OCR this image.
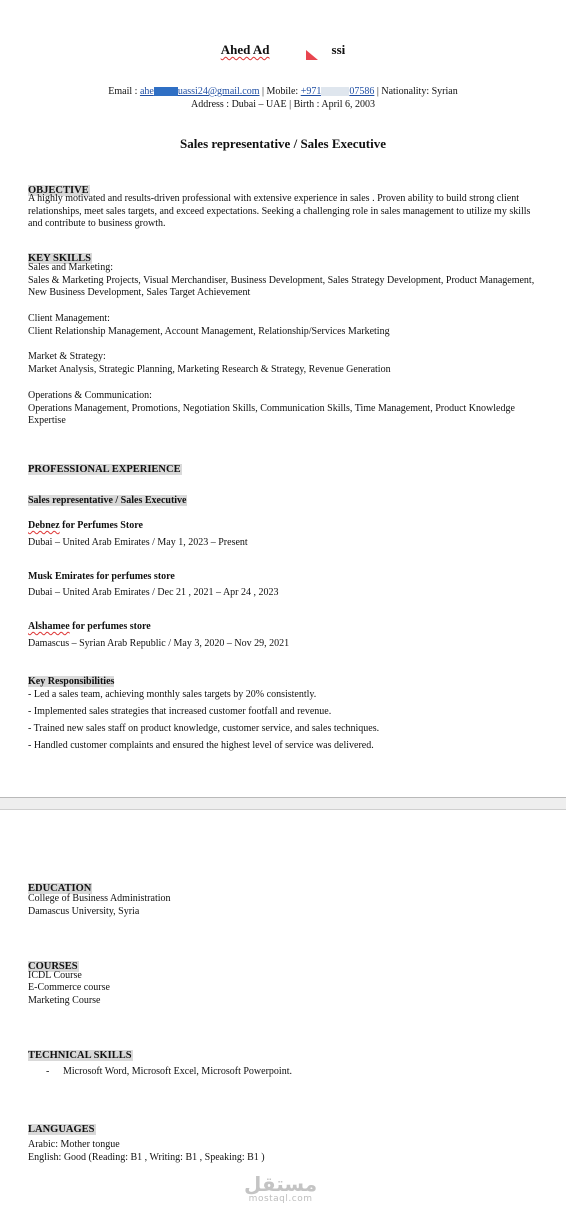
Ahed Ad	ssi
Email : ahe uassi24@gmail.com | Mobile: +971	07586 | Nationality: Syrian
Address : Dubai – UAE | Birth : April 6, 2003
Sales representative / Sales Executive
OBJECTIVE
A highly motivated and results-driven professional with extensive experience in sales . Proven ability to build strong client relationships, meet sales targets, and exceed expectations. Seeking a challenging role in sales management to utilize my skills and contribute to business growth.
KEY SKILLS
Sales and Marketing:
Sales & Marketing Projects, Visual Merchandiser, Business Development, Sales Strategy Development, Product Management, New Business Development, Sales Target Achievement
Client Management:
Client Relationship Management, Account Management, Relationship/Services Marketing
Market & Strategy:
Market Analysis, Strategic Planning, Marketing Research & Strategy, Revenue Generation
Operations & Communication:
Operations Management, Promotions, Negotiation Skills, Communication Skills, Time Management, Product Knowledge Expertise
PROFESSIONAL EXPERIENCE
Sales representative / Sales Executive
Debnez for Perfumes Store
Dubai – United Arab Emirates / May 1, 2023 – Present
Musk Emirates for perfumes store
Dubai – United Arab Emirates / Dec 21 , 2021 – Apr 24 , 2023
Alshamee for perfumes store
Damascus – Syrian Arab Republic / May 3, 2020 – Nov 29, 2021
Key Responsibilities
- Led a sales team, achieving monthly sales targets by 20% consistently.
- Implemented sales strategies that increased customer footfall and revenue.
- Trained new sales staff on product knowledge, customer service, and sales techniques.
- Handled customer complaints and ensured the highest level of service was delivered.
EDUCATION
College of Business Administration
Damascus University, Syria
COURSES
ICDL Course
E-Commerce course
Marketing Course
TECHNICAL SKILLS
- Microsoft Word, Microsoft Excel, Microsoft Powerpoint.
LANGUAGES
Arabic: Mother tongue
English: Good (Reading: B1 , Writing: B1 , Speaking: B1 )
مستقل
mostaql.com
